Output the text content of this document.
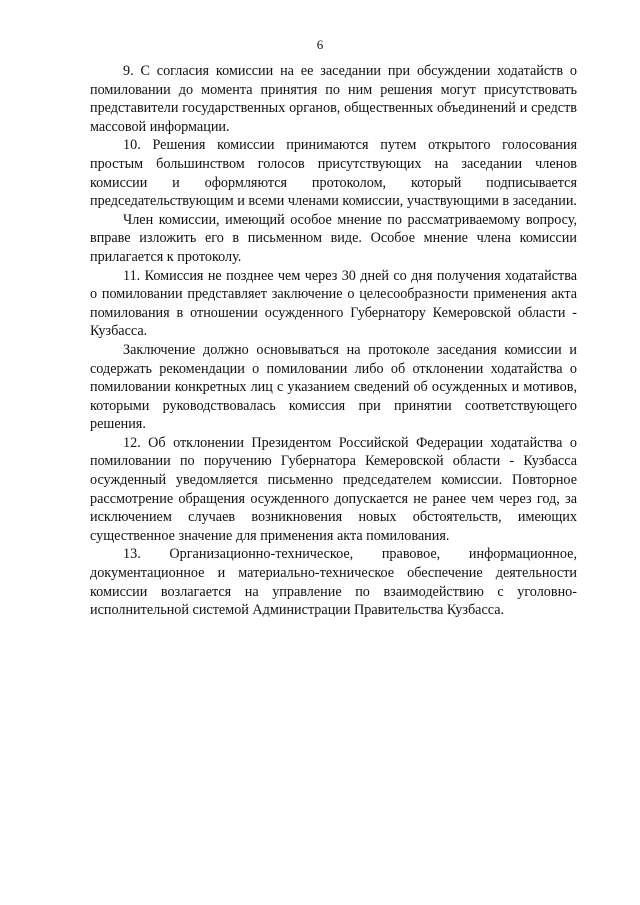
6

9. С согласия комиссии на ее заседании при обсуждении ходатайств о помиловании до момента принятия по ним решения могут присутствовать представители государственных органов, общественных объединений и средств массовой информации.

10. Решения комиссии принимаются путем открытого голосования простым большинством голосов присутствующих на заседании членов комиссии и оформляются протоколом, который подписывается председательствующим и всеми членами комиссии, участвующими в заседании.

Член комиссии, имеющий особое мнение по рассматриваемому вопросу, вправе изложить его в письменном виде. Особое мнение члена комиссии прилагается к протоколу.

11. Комиссия не позднее чем через 30 дней со дня получения ходатайства о помиловании представляет заключение о целесообразности применения акта помилования в отношении осужденного Губернатору Кемеровской области - Кузбасса.

Заключение должно основываться на протоколе заседания комиссии и содержать рекомендации о помиловании либо об отклонении ходатайства о помиловании конкретных лиц с указанием сведений об осужденных и мотивов, которыми руководствовалась комиссия при принятии соответствующего решения.

12. Об отклонении Президентом Российской Федерации ходатайства о помиловании по поручению Губернатора Кемеровской области - Кузбасса осужденный уведомляется письменно председателем комиссии. Повторное рассмотрение обращения осужденного допускается не ранее чем через год, за исключением случаев возникновения новых обстоятельств, имеющих существенное значение для применения акта помилования.

13. Организационно-техническое, правовое, информационное, документационное и материально-техническое обеспечение деятельности комиссии возлагается на управление по взаимодействию с уголовно-исполнительной системой Администрации Правительства Кузбасса.
